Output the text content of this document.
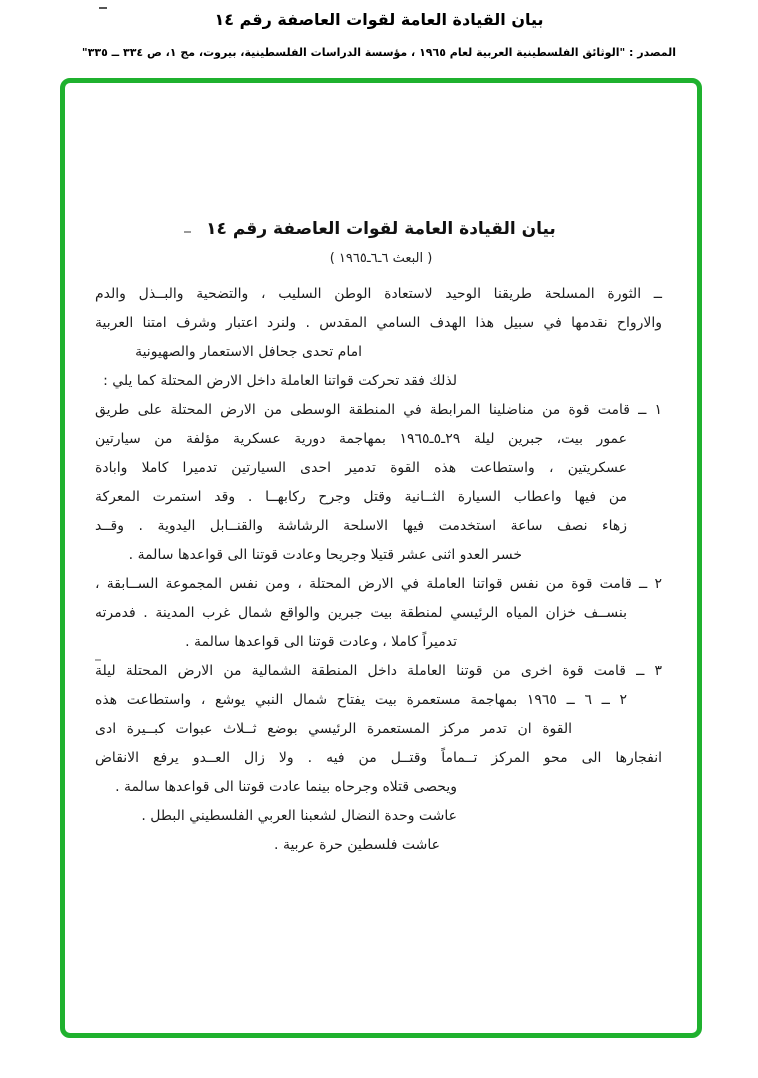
بيان القيادة العامة لقوات العاصفة رقم ١٤
المصدر : "الوثائق الفلسطينية العربية لعام ١٩٦٥ ، مؤسسة الدراسات الفلسطينية، بيروت، مج ١، ص ٣٣٤ ــ ٣٣٥"
بيان القيادة العامة لقوات العاصفة رقم ١٤
( البعث ٦ـ٦ـ١٩٦٥ )
ــ الثورة المسلحة طريقنا الوحيد لاستعادة الوطن السليب ، والتضحية والبــذل والدم
والارواح نقدمها في سبيل هذا الهدف السامي المقدس . ولنرد اعتبار وشرف امتنا العربية
امام تحدى جحافل الاستعمار والصهيونية
لذلك فقد تحركت قواتنا العاملة داخل الارض المحتلة كما يلي :
١ ــ قامت قوة من مناضلينا المرابطة في المنطقة الوسطى من الارض المحتلة على طريق
عمور بيت، جبرين ليلة ٢٩ـ٥ـ١٩٦٥ بمهاجمة دورية عسكرية مؤلفة من سيارتين
عسكريتين ، واستطاعت هذه القوة تدمير احدى السيارتين تدميرا كاملا وابادة
من فيها واعطاب السيارة الثــانية وقتل وجرح ركابهــا . وقد استمرت المعركة
زهاء نصف ساعة استخدمت فيها الاسلحة الرشاشة والقنــابل اليدوية . وقــد
خسر العدو اثنى عشر قتيلا وجريحا وعادت قوتنا الى قواعدها سالمة .
٢ ــ قامت قوة من نفس قواتنا العاملة في الارض المحتلة ، ومن نفس المجموعة الســابقة ،
بنســف خزان المياه الرئيسي لمنطقة بيت جبرين والواقع شمال غرب المدينة . فدمرته
تدميراً كاملا ، وعادت قوتنا الى قواعدها سالمة .
٣ ــ قامت قوة اخرى من قوتنا العاملة داخل المنطقة الشمالية من الارض المحتلة ليلة
٢ ــ ٦ ــ ١٩٦٥ بمهاجمة مستعمرة بيت يفتاح شمال النبي يوشع ، واستطاعت هذه
القوة ان تدمر مركز المستعمرة الرئيسي بوضع ثــلاث عبوات كبــيرة ادى
انفجارها الى محو المركز تــماماً وقتــل من فيه . ولا زال العــدو يرفع الانقاض
ويحصى قتلاه وجرحاه بينما عادت قوتنا الى قواعدها سالمة .
عاشت وحدة النضال لشعبنا العربي الفلسطيني البطل .
عاشت فلسطين حرة عربية .
